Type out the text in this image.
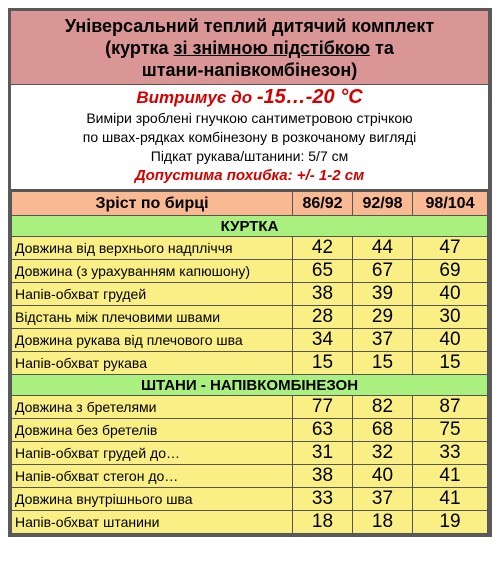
Універсальний теплий дитячий комплект
(куртка зі знімною підстібкою та
штани-напівкомбінезон)
Витримує до -15…-20 °С
Виміри зроблені гнучкою сантиметровою стрічкою
по швах-рядках комбінезону в розкочаному вигляді
Підкат рукава/штанини: 5/7 см
Допустима похибка: +/- 1-2 см
Зріст по бирці	86/92	92/98	98/104
КУРТКА			
Довжина від верхнього надпліччя	42	44	47
Довжина (з урахуванням капюшону)	65	67	69
Напів-обхват грудей	38	39	40
Відстань між плечовими швами	28	29	30
Довжина рукава від плечового шва	34	37	40
Напів-обхват рукава	15	15	15
ШТАНИ - НАПІВКОМБІНЕЗОН			
Довжина з бретелями	77	82	87
Довжина без бретелів	63	68	75
Напів-обхват грудей до…	31	32	33
Напів-обхват стегон до…	38	40	41
Довжина внутрішнього шва	33	37	41
Напів-обхват штанини	18	18	19
